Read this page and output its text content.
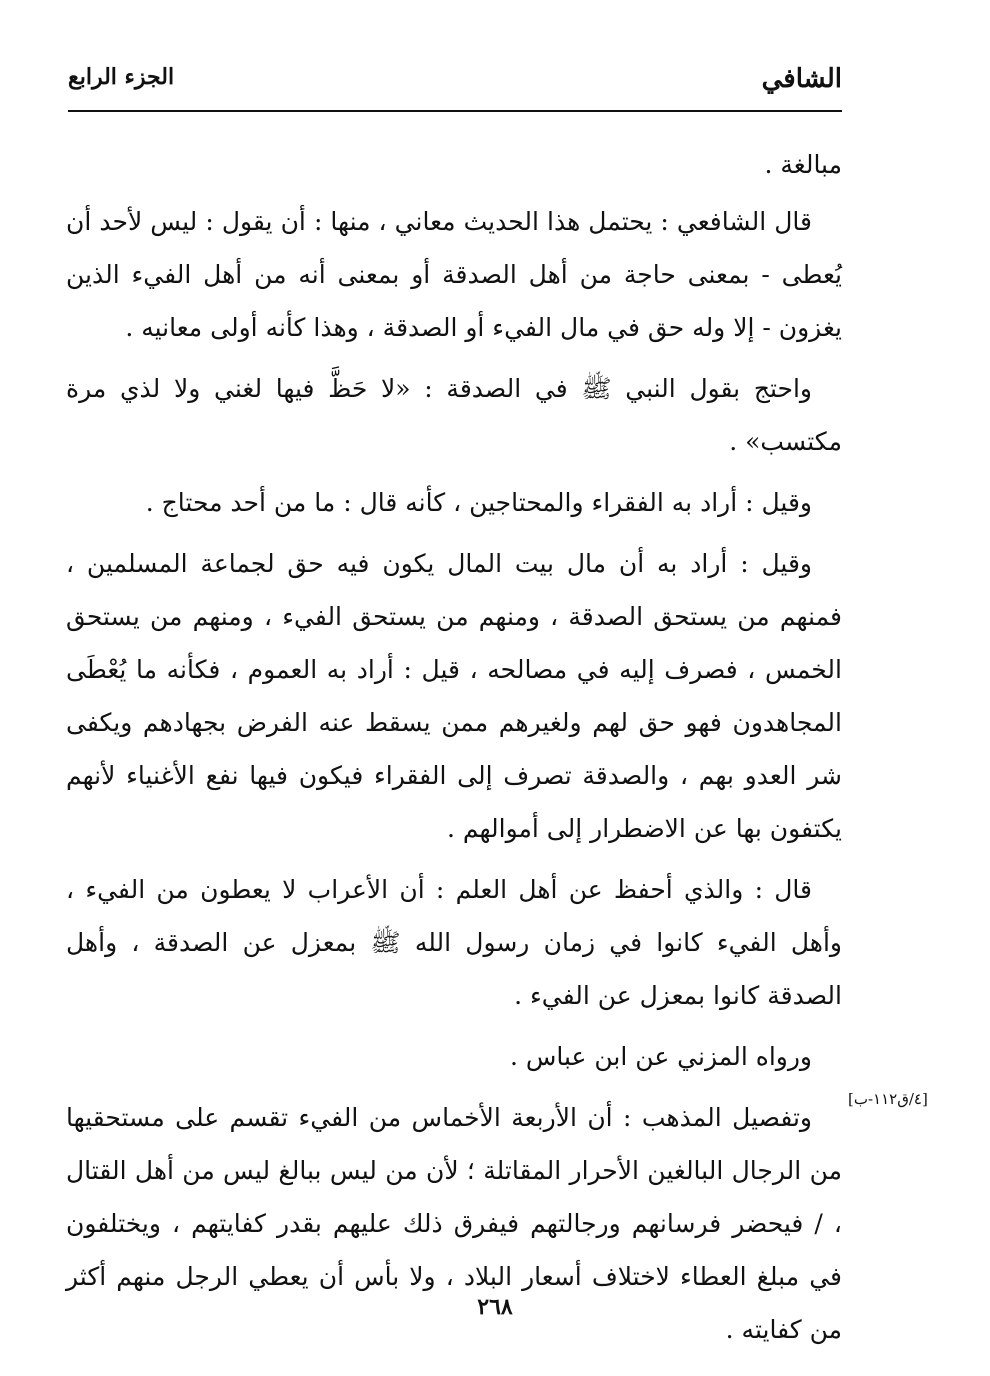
الشافي
الجزء الرابع

مبالغة .

قال الشافعي : يحتمل هذا الحديث معاني ، منها : أن يقول : ليس لأحد أن يُعطى - بمعنى حاجة من أهل الصدقة أو بمعنى أنه من أهل الفيء الذين يغزون - إلا وله حق في مال الفيء أو الصدقة ، وهذا كأنه أولى معانيه .

واحتج بقول النبي ﷺ في الصدقة : «لا حَظَّ فيها لغني ولا لذي مرة مكتسب» .

وقيل : أراد به الفقراء والمحتاجين ، كأنه قال : ما من أحد محتاج .

وقيل : أراد به أن مال بيت المال يكون فيه حق لجماعة المسلمين ، فمنهم من يستحق الصدقة ، ومنهم من يستحق الفيء ، ومنهم من يستحق الخمس ، فصرف إليه في مصالحه ، قيل : أراد به العموم ، فكأنه ما يُعْطَى المجاهدون فهو حق لهم ولغيرهم ممن يسقط عنه الفرض بجهادهم ويكفى شر العدو بهم ، والصدقة تصرف إلى الفقراء فيكون فيها نفع الأغنياء لأنهم يكتفون بها عن الاضطرار إلى أموالهم .

قال : والذي أحفظ عن أهل العلم : أن الأعراب لا يعطون من الفيء ، وأهل الفيء كانوا في زمان رسول الله ﷺ بمعزل عن الصدقة ، وأهل الصدقة كانوا بمعزل عن الفيء .

ورواه المزني عن ابن عباس .

وتفصيل المذهب : أن الأربعة الأخماس من الفيء تقسم على مستحقيها من الرجال البالغين الأحرار المقاتلة ؛ لأن من ليس ببالغ ليس من أهل القتال ، / فيحضر فرسانهم ورجالتهم فيفرق ذلك عليهم بقدر كفايتهم ، ويختلفون في مبلغ العطاء لاختلاف أسعار البلاد ، ولا بأس أن يعطي الرجل منهم أكثر من كفايته .

[٤/ق١١٢-ب]
٢٦٨
